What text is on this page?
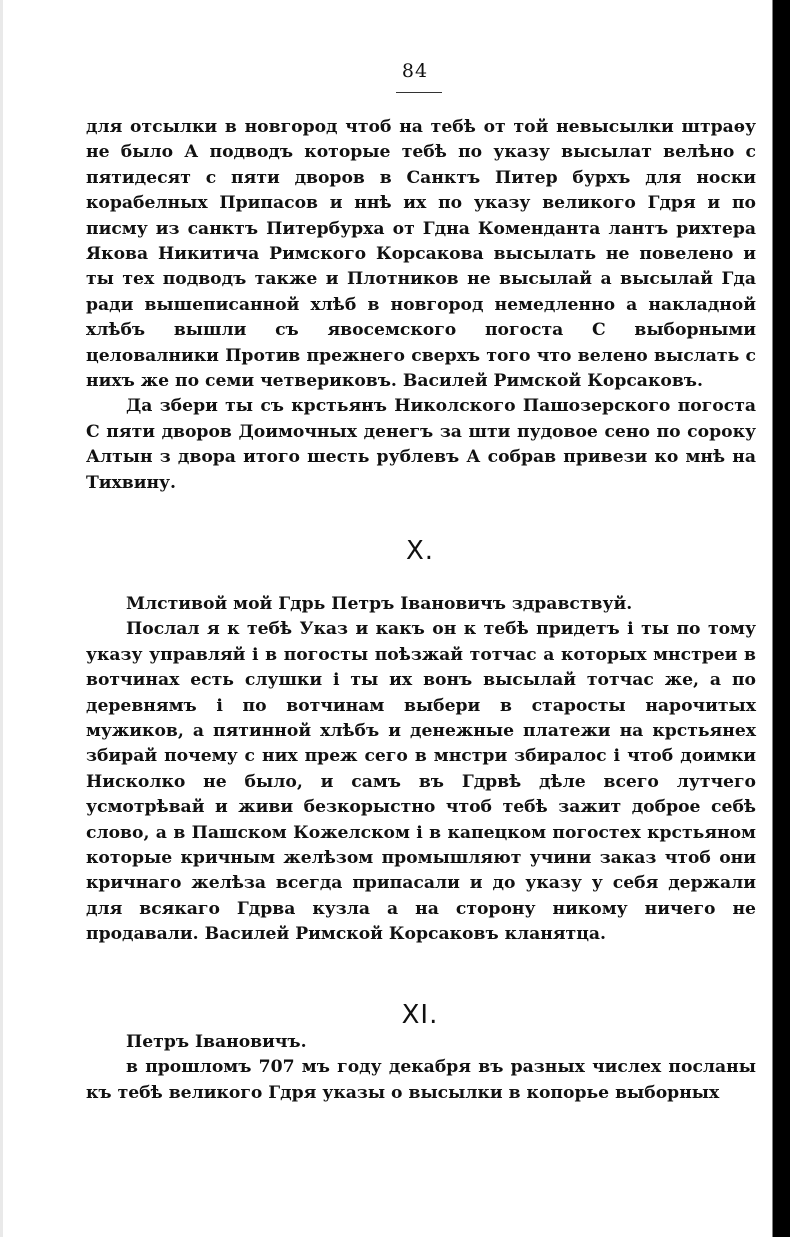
84

для отсылки в новгород чтоб на тебѣ от той невысылки штраѳу не было А подводъ которые тебѣ по указу высылат велѣно с пятидесят с пяти дворов в Санктъ Питер бурхъ для носки корабелных Припасов и ннѣ их по указу великого Гдря и по писму из санктъ Питербурха от Гдна Коменданта лантъ рихтера Якова Никитича Римского Корсакова высылать не повелено и ты тех подводъ также и Плотников не высылай а высылай Гдa ради вышеписанной хлѣб в новгород немедленно а накладной хлѣбъ вышли съ явосемского погоста С выборными целовалники Против прежнего сверхъ того что велено выслать с нихъ же по семи четвериковъ. Василей Римской Корсаковъ.

Да збери ты съ крстьянъ Николского Пашозерского погоста С пяти дворов Доимочных денегъ за шти пудовое сено по сороку Алтын з двора итого шесть рублевъ А собрав привези ко мнѣ на Тихвину.

X.

Млстивой мой Гдрь Петръ Івановичъ здравствуй.

Послал я к тебѣ Указ и какъ он к тебѣ придетъ і ты по тому указу управляй і в погосты поѣзжай тотчас а которых мнстреи в вотчинах есть слушки і ты их вонъ высылай тотчас же, а по деревнямъ і по вотчинам выбери в старосты нарочитых мужиков, а пятинной хлѣбъ и денежные платежи на крстьянех збирай почему с них преж сего в мнстри збиралос і чтоб доимки Нисколко не было, и самъ въ Гдрвѣ дѣле всего лутчего усмотрѣвай и живи безкорыстно чтоб тебѣ зажит доброе себѣ слово, а в Пашском Кожелском і в капецком погостех крстьяном которые кричным желѣзом промышляют учини заказ чтоб они кричнаго желѣза всегда припасали и до указу у себя держали для всякаго Гдрва кузла а на сторону никому ничего не продавали. Василей Римской Корсаковъ кланятца.

XI.

Петръ Івановичъ.

в прошломъ 707 мъ году декабря въ разных числех посланы къ тебѣ великого Гдря указы о высылки в копорье выборных
